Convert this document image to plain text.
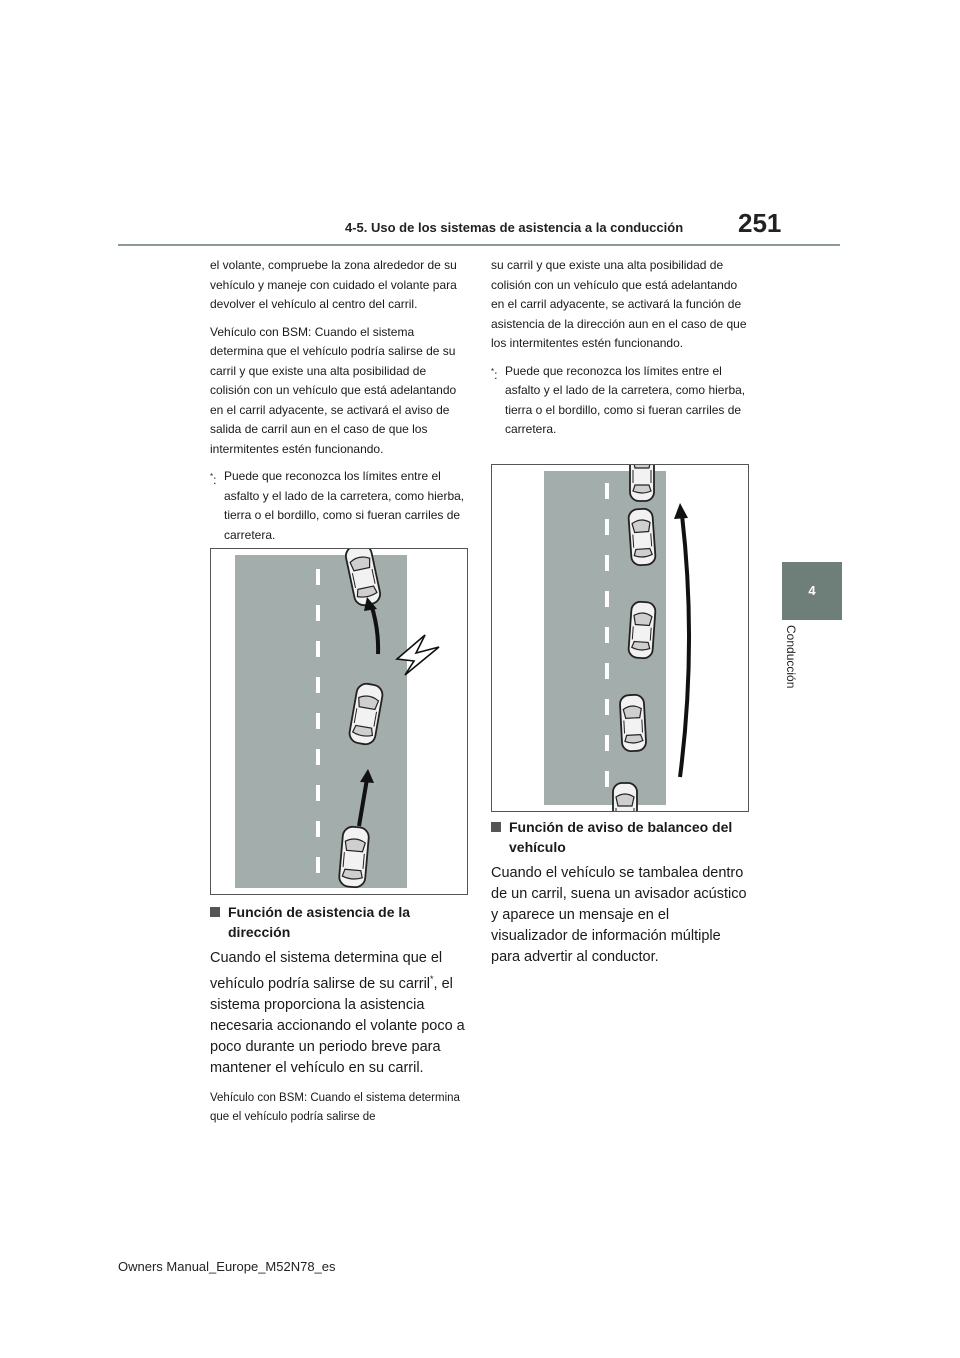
4-5. Uso de los sistemas de asistencia a la conducción 251
4
Conducción

el volante, compruebe la zona alrededor de su vehículo y maneje con cuidado el volante para devolver el vehículo al centro del carril.

Vehículo con BSM: Cuando el sistema determina que el vehículo podría salirse de su carril y que existe una alta posibilidad de colisión con un vehículo que está adelantando en el carril adyacente, se activará el aviso de salida de carril aun en el caso de que los intermitentes estén funcionando.

*: Puede que reconozca los límites entre el asfalto y el lado de la carretera, como hierba, tierra o el bordillo, como si fueran carriles de carretera.
Función de asistencia de la dirección

Cuando el sistema determina que el vehículo podría salirse de su carril*, el sistema proporciona la asistencia necesaria accionando el volante poco a poco durante un periodo breve para mantener el vehículo en su carril.

Vehículo con BSM: Cuando el sistema determina que el vehículo podría salirse de

su carril y que existe una alta posibilidad de colisión con un vehículo que está adelantando en el carril adyacente, se activará la función de asistencia de la dirección aun en el caso de que los intermitentes estén funcionando.

*: Puede que reconozca los límites entre el asfalto y el lado de la carretera, como hierba, tierra o el bordillo, como si fueran carriles de carretera.
Función de aviso de balanceo del vehículo

Cuando el vehículo se tambalea dentro de un carril, suena un avisador acústico y aparece un mensaje en el visualizador de información múltiple para advertir al conductor.

Owners Manual_Europe_M52N78_es
